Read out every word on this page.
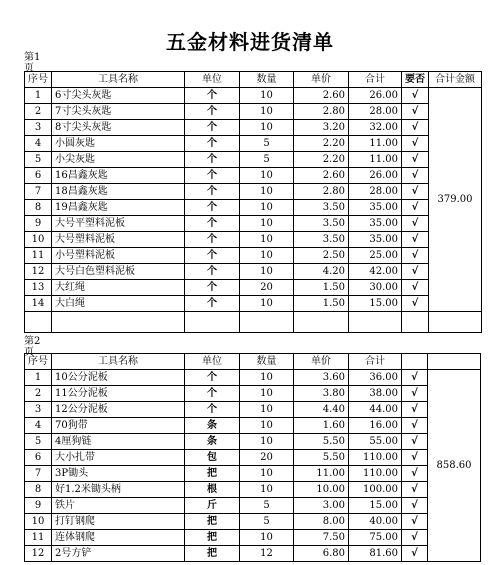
五金材料进货清单
第1页
序号	工具名称	单位	数量	单价	合计	要否	合计金额
1	6寸尖头灰匙	个	10	2.60	26.00	√	379.00
2	7寸尖头灰匙	个	10	2.80	28.00	√	
3	8寸尖头灰匙	个	10	3.20	32.00	√	
4	小圆灰匙	个	5	2.20	11.00	√	
5	小尖灰匙	个	5	2.20	11.00	√	
6	16昌鑫灰匙	个	10	2.60	26.00	√	
7	18昌鑫灰匙	个	10	2.80	28.00	√	
8	19昌鑫灰匙	个	10	3.50	35.00	√	
9	大号平塑料泥板	个	10	3.50	35.00	√	
10	大号塑料泥板	个	10	3.50	35.00	√	
11	小号塑料泥板	个	10	2.50	25.00	√	
12	大号白色塑料泥板	个	10	4.20	42.00	√	
13	大红绳	个	20	1.50	30.00	√	
14	大白绳	个	10	1.50	15.00	√	

第2页
序号	工具名称	单位	数量	单价	合计		
1	10公分泥板	个	10	3.60	36.00	√	858.60
2	11公分泥板	个	10	3.80	38.00	√	
3	12公分泥板	个	10	4.40	44.00	√	
4	70狗带	条	10	1.60	16.00	√	
5	4厘狗链	条	10	5.50	55.00	√	
6	大小扎带	包	20	5.50	110.00	√	
7	3P锄头	把	10	11.00	110.00	√	
8	好1.2米锄头柄	根	10	10.00	100.00	√	
9	铁片	斤	5	3.00	15.00	√	
10	打钉钢爬	把	5	8.00	40.00	√	
11	连体钢爬	把	10	7.50	75.00	√	
12	2号方铲	把	12	6.80	81.60	√	
